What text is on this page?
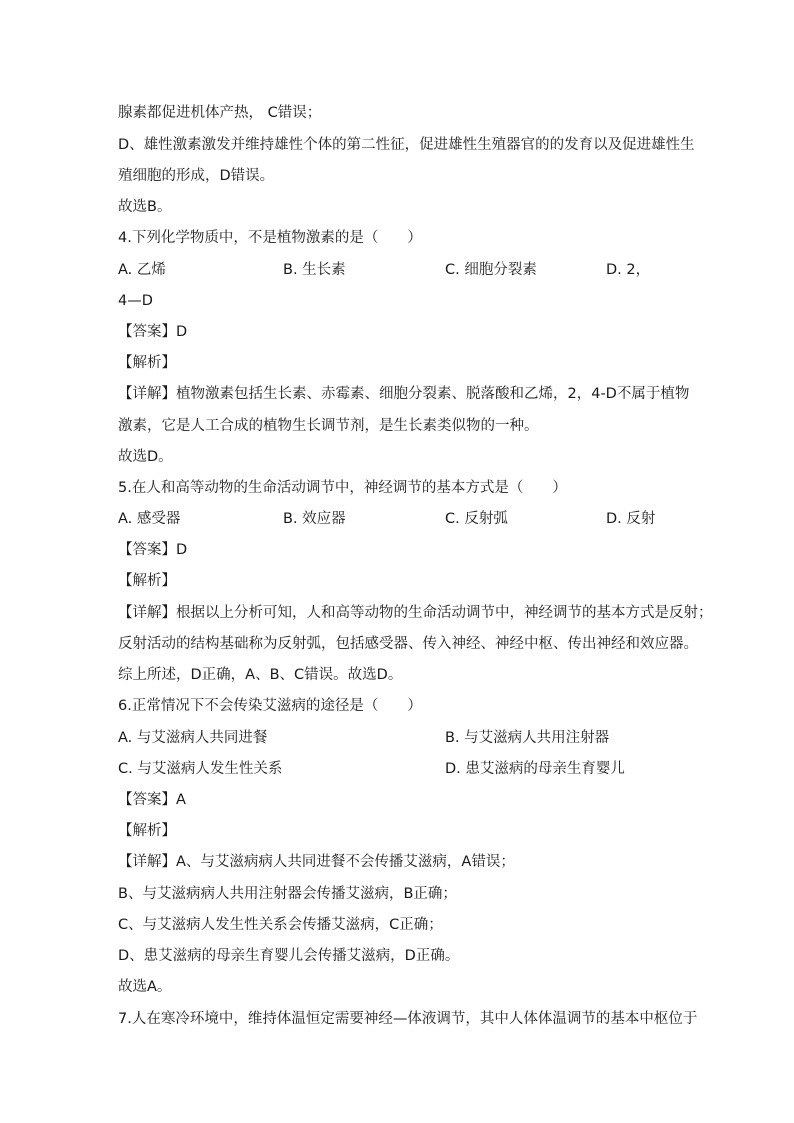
腺素都促进机体产热， C错误；
D、雄性激素激发并维持雄性个体的第二性征，促进雄性生殖器官的的发育以及促进雄性生
殖细胞的形成，D错误。
故选B。
4.下列化学物质中，不是植物激素的是（　　）
A. 乙烯	B. 生长素	C. 细胞分裂素	D. 2，
4—D
【答案】D
【解析】
【详解】植物激素包括生长素、赤霉素、细胞分裂素、脱落酸和乙烯，2，4-D不属于植物
激素，它是人工合成的植物生长调节剂，是生长素类似物的一种。
故选D。
5.在人和高等动物的生命活动调节中，神经调节的基本方式是（　　）
A. 感受器	B. 效应器	C. 反射弧	D. 反射
【答案】D
【解析】
【详解】根据以上分析可知，人和高等动物的生命活动调节中，神经调节的基本方式是反射；
反射活动的结构基础称为反射弧，包括感受器、传入神经、神经中枢、传出神经和效应器。
综上所述，D正确，A、B、C错误。故选D。
6.正常情况下不会传染艾滋病的途径是（　　）
A. 与艾滋病人共同进餐	B. 与艾滋病人共用注射器
C. 与艾滋病人发生性关系	D. 患艾滋病的母亲生育婴儿
【答案】A
【解析】
【详解】A、与艾滋病病人共同进餐不会传播艾滋病，A错误；
B、与艾滋病病人共用注射器会传播艾滋病，B正确；
C、与艾滋病人发生性关系会传播艾滋病，C正确；
D、患艾滋病的母亲生育婴儿会传播艾滋病，D正确。
故选A。
7.人在寒冷环境中，维持体温恒定需要神经—体液调节，其中人体体温调节的基本中枢位于
